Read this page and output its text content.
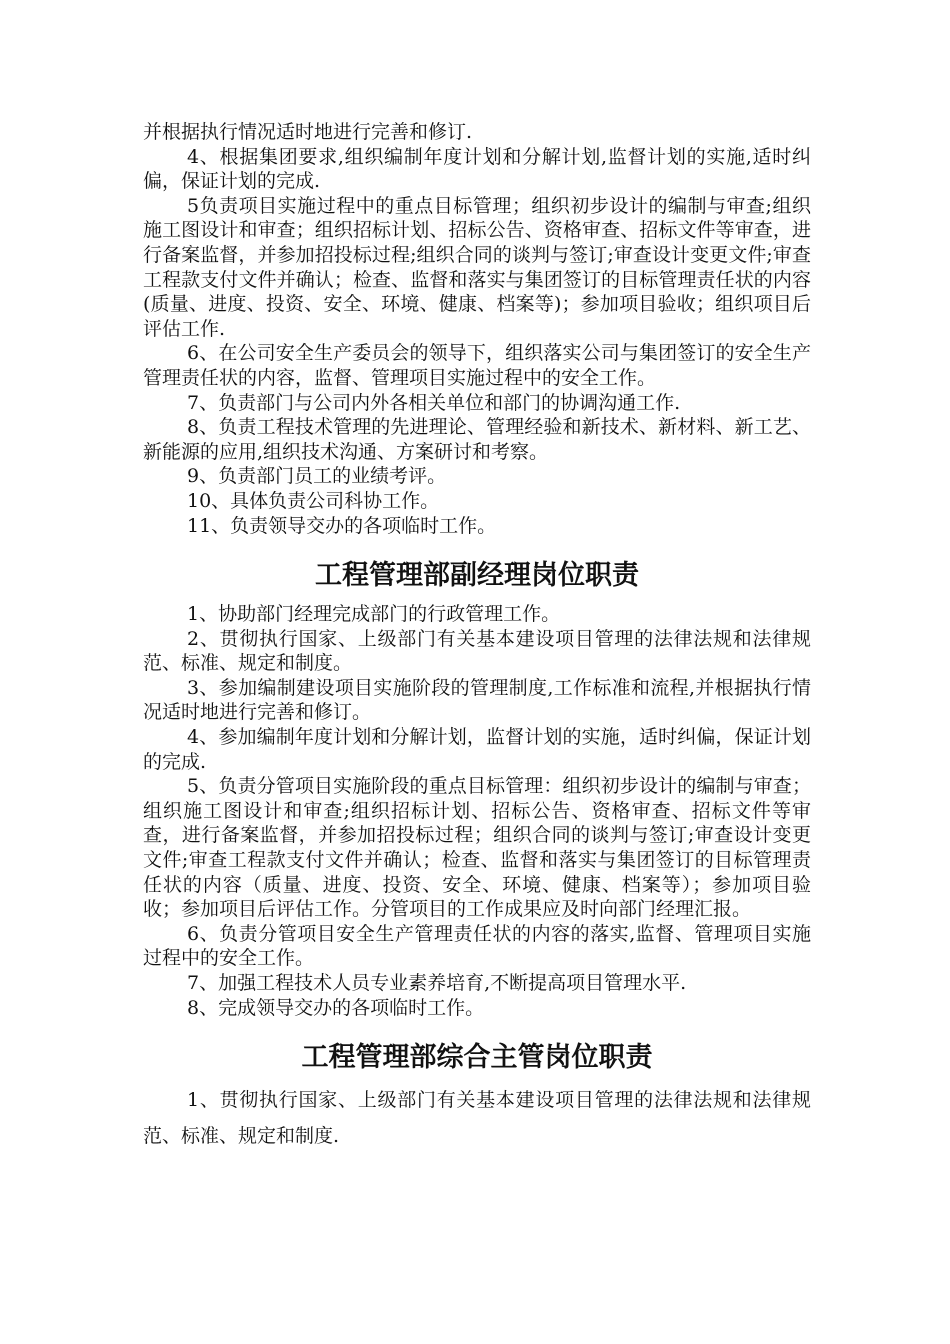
并根据执行情况适时地进行完善和修订.

4、根据集团要求,组织编制年度计划和分解计划,监督计划的实施,适时纠偏，保证计划的完成.

5负责项目实施过程中的重点目标管理；组织初步设计的编制与审查;组织施工图设计和审查；组织招标计划、招标公告、资格审查、招标文件等审查，进行备案监督，并参加招投标过程;组织合同的谈判与签订;审查设计变更文件;审查工程款支付文件并确认；检查、监督和落实与集团签订的目标管理责任状的内容(质量、进度、投资、安全、环境、健康、档案等)；参加项目验收；组织项目后评估工作.

6、在公司安全生产委员会的领导下，组织落实公司与集团签订的安全生产管理责任状的内容，监督、管理项目实施过程中的安全工作。

7、负责部门与公司内外各相关单位和部门的协调沟通工作.

8、负责工程技术管理的先进理论、管理经验和新技术、新材料、新工艺、新能源的应用,组织技术沟通、方案研讨和考察。

9、负责部门员工的业绩考评。

10、具体负责公司科协工作。

11、负责领导交办的各项临时工作。

工程管理部副经理岗位职责

1、协助部门经理完成部门的行政管理工作。

2、贯彻执行国家、上级部门有关基本建设项目管理的法律法规和法律规范、标准、规定和制度。

3、参加编制建设项目实施阶段的管理制度,工作标准和流程,并根据执行情况适时地进行完善和修订。

4、参加编制年度计划和分解计划，监督计划的实施，适时纠偏，保证计划的完成.

5、负责分管项目实施阶段的重点目标管理：组织初步设计的编制与审查；组织施工图设计和审查;组织招标计划、招标公告、资格审查、招标文件等审查，进行备案监督，并参加招投标过程；组织合同的谈判与签订;审查设计变更文件;审查工程款支付文件并确认；检查、监督和落实与集团签订的目标管理责任状的内容（质量、进度、投资、安全、环境、健康、档案等）；参加项目验收；参加项目后评估工作。分管项目的工作成果应及时向部门经理汇报。

6、负责分管项目安全生产管理责任状的内容的落实,监督、管理项目实施过程中的安全工作。

7、加强工程技术人员专业素养培育,不断提高项目管理水平.

8、完成领导交办的各项临时工作。

工程管理部综合主管岗位职责

1、贯彻执行国家、上级部门有关基本建设项目管理的法律法规和法律规范、标准、规定和制度.
